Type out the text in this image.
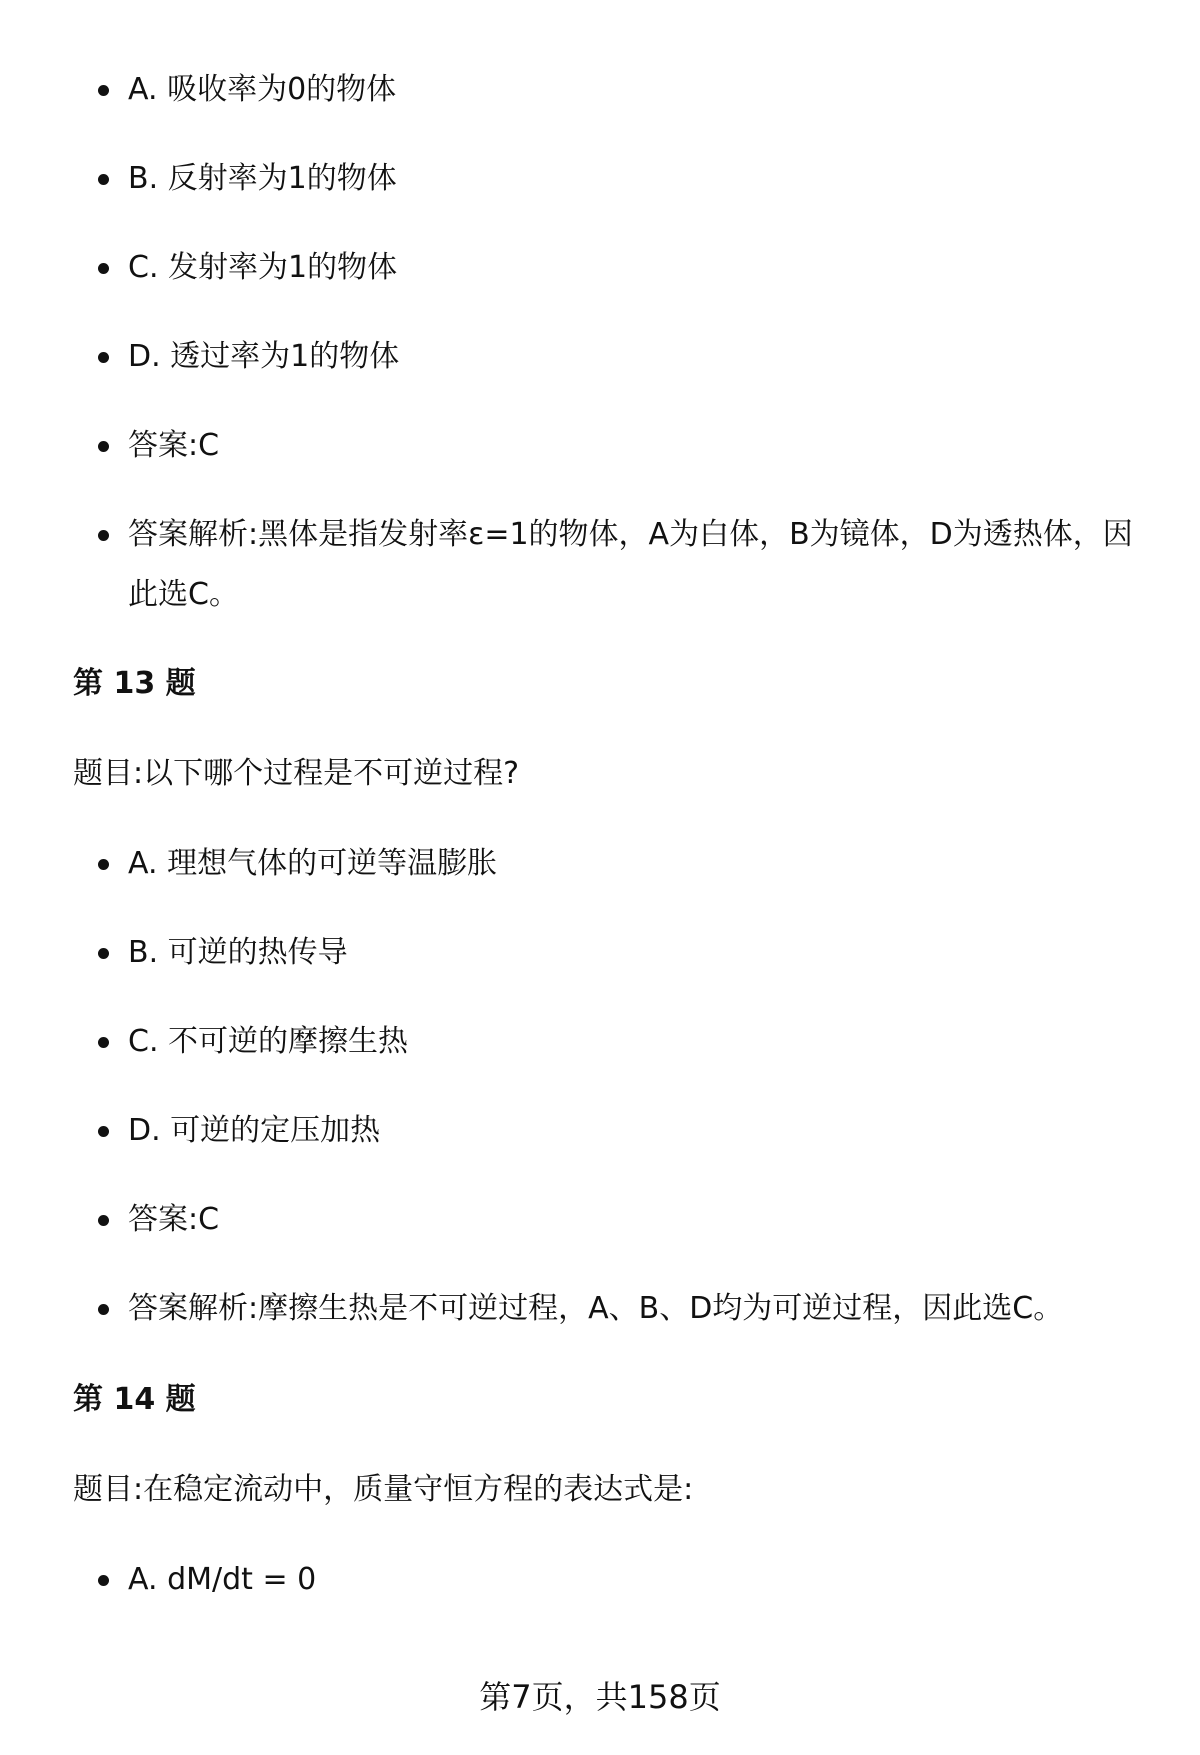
A. 吸收率为0的物体
B. 反射率为1的物体
C. 发射率为1的物体
D. 透过率为1的物体
答案:C
答案解析:黑体是指发射率ε=1的物体，A为白体，B为镜体，D为透热体，因此选C。
第 13 题

题目:以下哪个过程是不可逆过程?

A. 理想气体的可逆等温膨胀
B. 可逆的热传导
C. 不可逆的摩擦生热
D. 可逆的定压加热
答案:C
答案解析:摩擦生热是不可逆过程，A、B、D均为可逆过程，因此选C。
第 14 题

题目:在稳定流动中，质量守恒方程的表达式是:

A. dM/dt = 0

第7页，共158页
